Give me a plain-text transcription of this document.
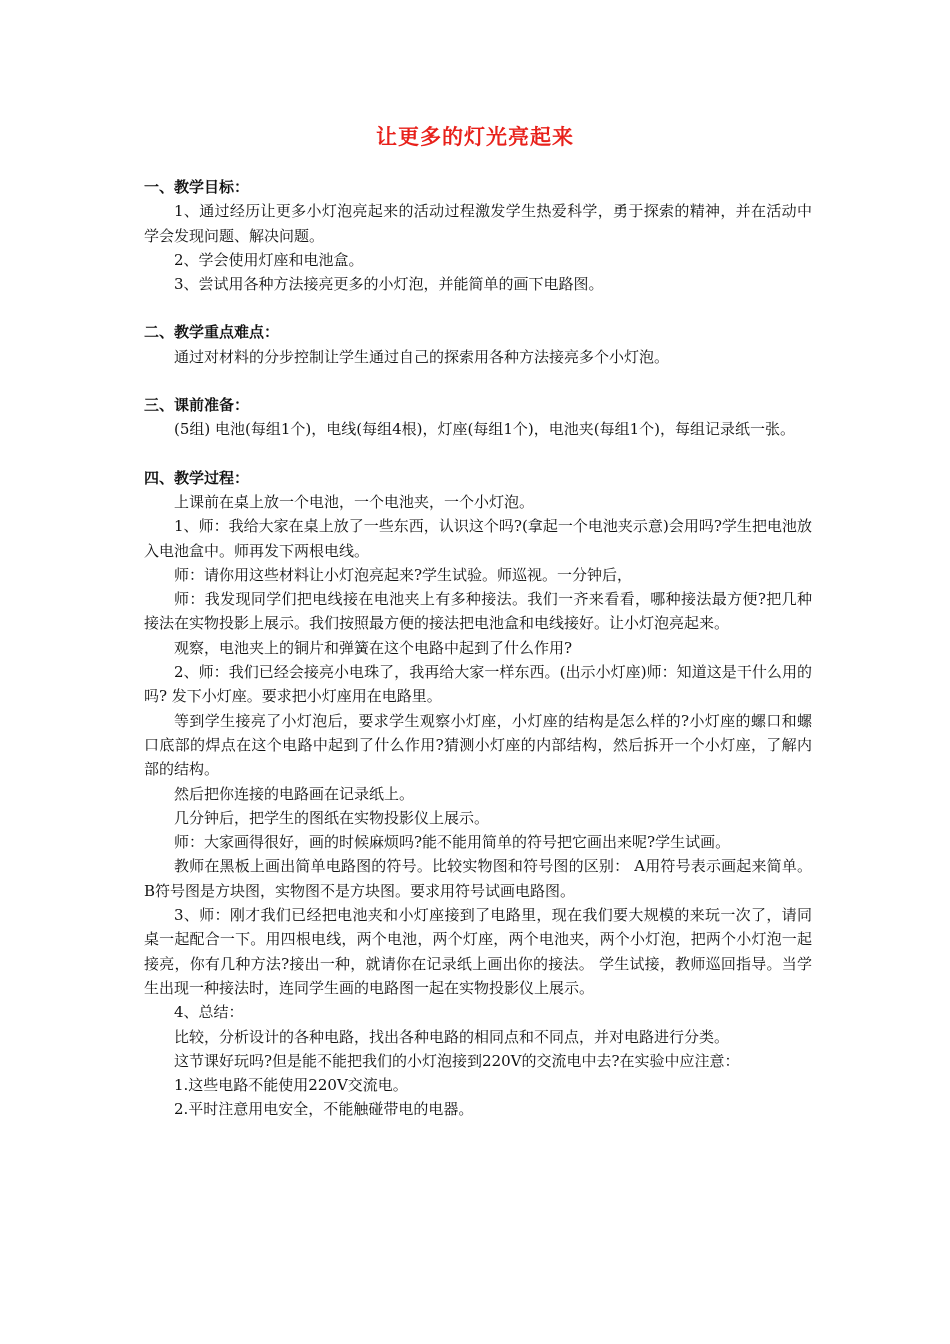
让更多的灯光亮起来

一、教学目标：

1、通过经历让更多小灯泡亮起来的活动过程激发学生热爱科学，勇于探索的精神，并在活动中学会发现问题、解决问题。

2、学会使用灯座和电池盒。

3、尝试用各种方法接亮更多的小灯泡，并能简单的画下电路图。

二、教学重点难点：

通过对材料的分步控制让学生通过自己的探索用各种方法接亮多个小灯泡。

三、课前准备：

(5组) 电池(每组1个)，电线(每组4根)，灯座(每组1个)，电池夹(每组1个)，每组记录纸一张。

四、教学过程：

上课前在桌上放一个电池，一个电池夹，一个小灯泡。

1、师：我给大家在桌上放了一些东西，认识这个吗?(拿起一个电池夹示意)会用吗?学生把电池放入电池盒中。师再发下两根电线。

师：请你用这些材料让小灯泡亮起来?学生试验。师巡视。一分钟后，

师：我发现同学们把电线接在电池夹上有多种接法。我们一齐来看看，哪种接法最方便?把几种接法在实物投影上展示。我们按照最方便的接法把电池盒和电线接好。让小灯泡亮起来。

观察，电池夹上的铜片和弹簧在这个电路中起到了什么作用?

2、师：我们已经会接亮小电珠了，我再给大家一样东西。(出示小灯座)师：知道这是干什么用的吗? 发下小灯座。要求把小灯座用在电路里。

等到学生接亮了小灯泡后，要求学生观察小灯座，小灯座的结构是怎么样的?小灯座的螺口和螺口底部的焊点在这个电路中起到了什么作用?猜测小灯座的内部结构，然后拆开一个小灯座，了解内部的结构。

然后把你连接的电路画在记录纸上。

几分钟后，把学生的图纸在实物投影仪上展示。

师：大家画得很好，画的时候麻烦吗?能不能用简单的符号把它画出来呢?学生试画。

教师在黑板上画出简单电路图的符号。比较实物图和符号图的区别： A用符号表示画起来简单。 B符号图是方块图，实物图不是方块图。要求用符号试画电路图。

3、师：刚才我们已经把电池夹和小灯座接到了电路里，现在我们要大规模的来玩一次了，请同桌一起配合一下。用四根电线，两个电池，两个灯座，两个电池夹，两个小灯泡，把两个小灯泡一起接亮，你有几种方法?接出一种，就请你在记录纸上画出你的接法。 学生试接，教师巡回指导。当学生出现一种接法时，连同学生画的电路图一起在实物投影仪上展示。

4、总结：

比较，分析设计的各种电路，找出各种电路的相同点和不同点，并对电路进行分类。

这节课好玩吗?但是能不能把我们的小灯泡接到220V的交流电中去?在实验中应注意：

1.这些电路不能使用220V交流电。

2.平时注意用电安全，不能触碰带电的电器。
